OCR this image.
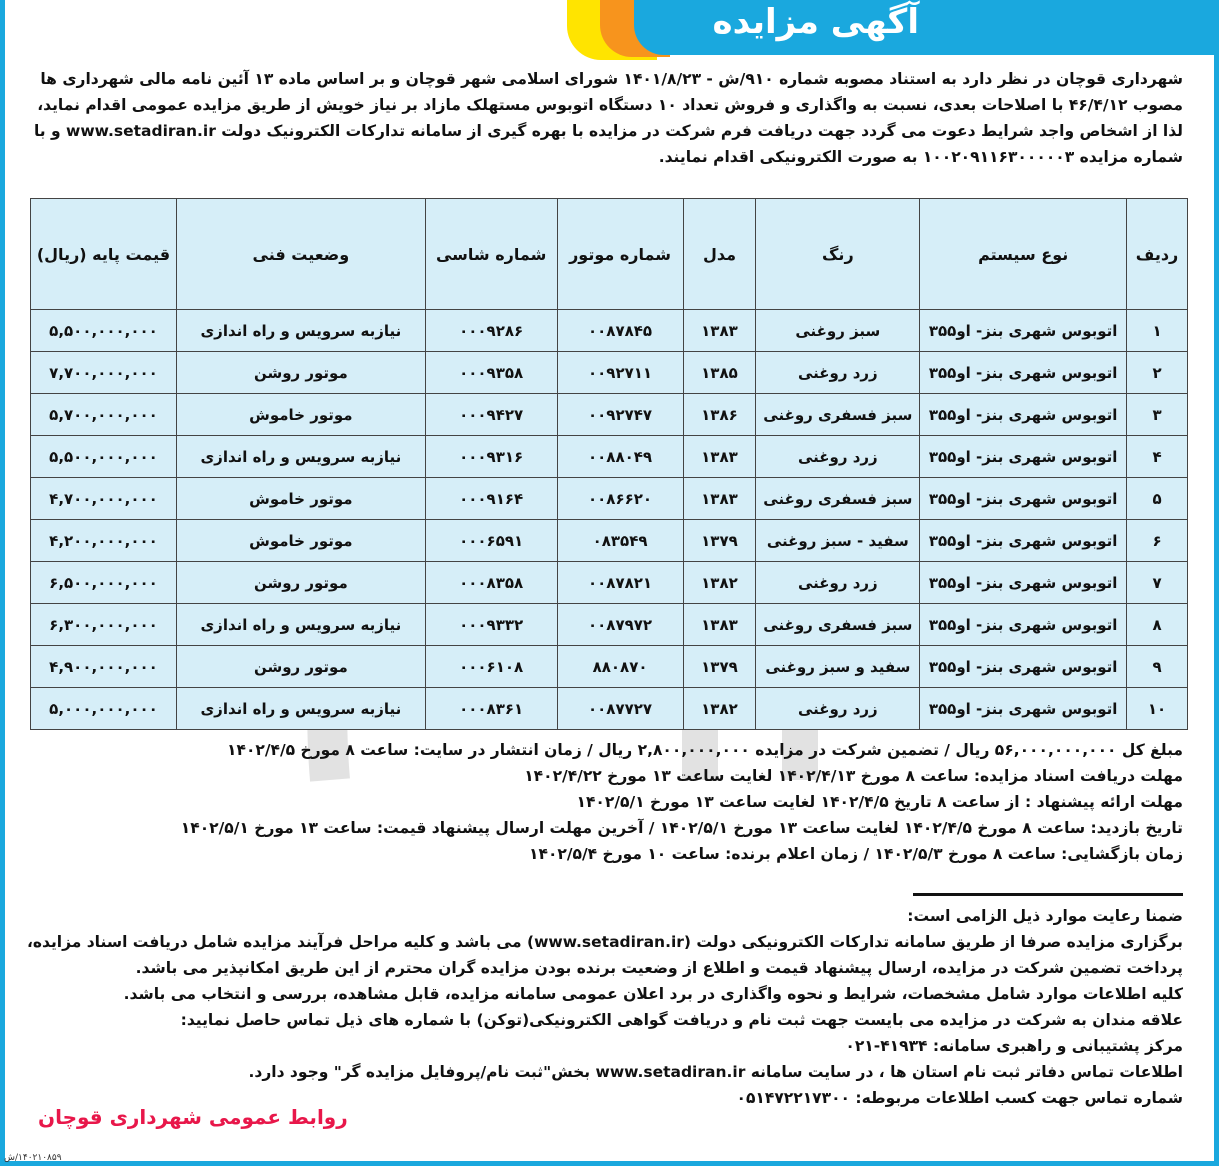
آگهی مزایده
شهرداری قوچان در نظر دارد به استناد مصوبه شماره ۹۱۰/ش - ۱۴۰۱/۸/۲۳ شورای اسلامی شهر قوچان و بر اساس ماده ۱۳ آئین نامه مالی شهرداری ها
مصوب ۴۶/۴/۱۲ با اصلاحات بعدی، نسبت به واگذاری و فروش تعداد ۱۰ دستگاه اتوبوس مستهلک مازاد بر نیاز خویش از طریق مزایده عمومی اقدام نماید،
لذا از اشخاص واجد شرایط دعوت می گردد جهت دریافت فرم شرکت در مزایده با بهره گیری از سامانه تدارکات الکترونیک دولت www.setadiran.ir و با
شماره مزایده ۱۰۰۲۰۹۱۱۶۳۰۰۰۰۰۳ به صورت الکترونیکی اقدام نمایند.
ردیف	نوع سیستم	رنگ	مدل	شماره موتور	شماره شاسی	وضعیت فنی	قیمت پایه (ریال)
۱	اتوبوس شهری بنز- او۳۵۵	سبز روغنی	۱۳۸۳	۰۰۸۷۸۴۵	۰۰۰۹۲۸۶	نیازبه سرویس و راه اندازی	۵,۵۰۰,۰۰۰,۰۰۰
۲	اتوبوس شهری بنز- او۳۵۵	زرد روغنی	۱۳۸۵	۰۰۹۲۷۱۱	۰۰۰۹۳۵۸	موتور روشن	۷,۷۰۰,۰۰۰,۰۰۰
۳	اتوبوس شهری بنز- او۳۵۵	سبز فسفری روغنی	۱۳۸۶	۰۰۹۲۷۴۷	۰۰۰۹۴۲۷	موتور خاموش	۵,۷۰۰,۰۰۰,۰۰۰
۴	اتوبوس شهری بنز- او۳۵۵	زرد روغنی	۱۳۸۳	۰۰۸۸۰۴۹	۰۰۰۹۳۱۶	نیازبه سرویس و راه اندازی	۵,۵۰۰,۰۰۰,۰۰۰
۵	اتوبوس شهری بنز- او۳۵۵	سبز فسفری روغنی	۱۳۸۳	۰۰۸۶۶۲۰	۰۰۰۹۱۶۴	موتور خاموش	۴,۷۰۰,۰۰۰,۰۰۰
۶	اتوبوس شهری بنز- او۳۵۵	سفید - سبز روغنی	۱۳۷۹	۰۸۳۵۴۹	۰۰۰۶۵۹۱	موتور خاموش	۴,۲۰۰,۰۰۰,۰۰۰
۷	اتوبوس شهری بنز- او۳۵۵	زرد روغنی	۱۳۸۲	۰۰۸۷۸۲۱	۰۰۰۸۳۵۸	موتور روشن	۶,۵۰۰,۰۰۰,۰۰۰
۸	اتوبوس شهری بنز- او۳۵۵	سبز فسفری روغنی	۱۳۸۳	۰۰۸۷۹۷۲	۰۰۰۹۳۳۲	نیازبه سرویس و راه اندازی	۶,۳۰۰,۰۰۰,۰۰۰
۹	اتوبوس شهری بنز- او۳۵۵	سفید و سبز روغنی	۱۳۷۹	۸۸۰۸۷۰	۰۰۰۶۱۰۸	موتور روشن	۴,۹۰۰,۰۰۰,۰۰۰
۱۰	اتوبوس شهری بنز- او۳۵۵	زرد روغنی	۱۳۸۲	۰۰۸۷۷۲۷	۰۰۰۸۳۶۱	نیازبه سرویس و راه اندازی	۵,۰۰۰,۰۰۰,۰۰۰
مبلغ کل ۵۶,۰۰۰,۰۰۰,۰۰۰ ریال / تضمین شرکت در مزایده ۲,۸۰۰,۰۰۰,۰۰۰ ریال / زمان انتشار در سایت: ساعت ۸ مورخ ۱۴۰۲/۴/۵
مهلت دریافت اسناد مزایده: ساعت ۸ مورخ ۱۴۰۲/۴/۱۳ لغایت ساعت ۱۳ مورخ ۱۴۰۲/۴/۲۲
مهلت ارائه پیشنهاد : از ساعت ۸ تاریخ ۱۴۰۲/۴/۵ لغایت ساعت ۱۳ مورخ ۱۴۰۲/۵/۱
تاریخ بازدید: ساعت ۸ مورخ ۱۴۰۲/۴/۵ لغایت ساعت ۱۳ مورخ ۱۴۰۲/۵/۱ / آخرین مهلت ارسال پیشنهاد قیمت: ساعت ۱۳ مورخ ۱۴۰۲/۵/۱
زمان بازگشایی: ساعت ۸ مورخ ۱۴۰۲/۵/۳ / زمان اعلام برنده: ساعت ۱۰ مورخ ۱۴۰۲/۵/۴
ضمنا رعایت موارد ذیل الزامی است:
برگزاری مزایده صرفا از طریق سامانه تدارکات الکترونیکی دولت (www.setadiran.ir) می باشد و کلیه مراحل فرآیند مزایده شامل دریافت اسناد مزایده،
پرداخت تضمین شرکت در مزایده، ارسال پیشنهاد قیمت و اطلاع از وضعیت برنده بودن مزایده گران محترم از این طریق امکانپذیر می باشد.
کلیه اطلاعات موارد شامل مشخصات، شرایط و نحوه واگذاری در برد اعلان عمومی سامانه مزایده، قابل مشاهده، بررسی و انتخاب می باشد.
علاقه مندان به شرکت در مزایده می بایست جهت ثبت نام و دریافت گواهی الکترونیکی(توکن) با شماره های ذیل تماس حاصل نمایید:
مرکز پشتیبانی و راهبری سامانه: ۴۱۹۳۴-۰۲۱
اطلاعات تماس دفاتر ثبت نام استان ها ، در سایت سامانه www.setadiran.ir بخش"ثبت نام/پروفایل مزایده گر" وجود دارد.
شماره تماس جهت کسب اطلاعات مربوطه: ۰۵۱۴۷۲۲۱۷۳۰۰
روابط عمومی شهرداری قوچان
۱۴۰۲۱۰۸۵۹/ش
